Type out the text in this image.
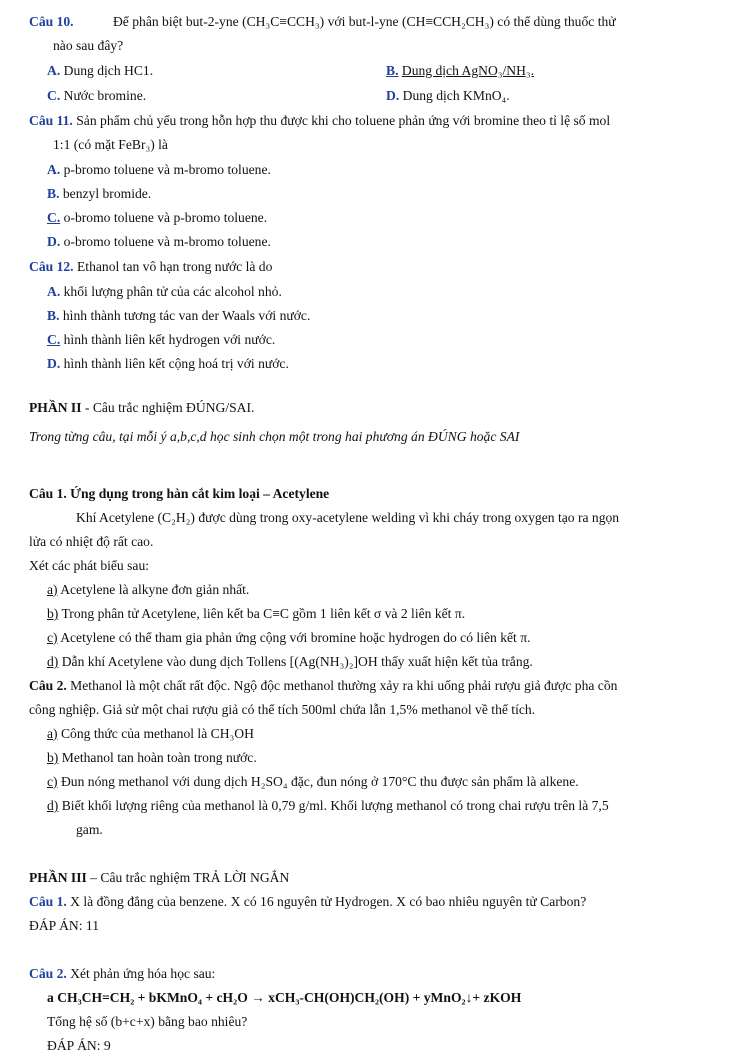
Câu 10.	Để phân biệt but-2-yne (CH₃C≡CCH₃) với but-l-yne (CH≡CCH₂CH₃) có thể dùng thuốc thử
nào sau đây?
A. Dung dịch HC1.	B. Dung dịch AgNO₃/NH₃.
C. Nước bromine.	D. Dung dịch KMnO₄.
Câu 11. Sản phẩm chủ yếu trong hỗn hợp thu được khi cho toluene phản ứng với bromine theo tỉ lệ số mol
1:1 (có mặt FeBr₃) là
A. p-bromo toluene và m-bromo toluene.
B. benzyl bromide.
C. o-bromo toluene và p-bromo toluene.
D. o-bromo toluene và m-bromo toluene.
Câu 12. Ethanol tan vô hạn trong nước là do
A. khối lượng phân tử của các alcohol nhỏ.
B. hình thành tương tác van der Waals với nước.
C. hình thành liên kết hydrogen với nước.
D. hình thành liên kết cộng hoá trị với nước.
PHẦN II - Câu trắc nghiệm ĐÚNG/SAI.
Trong từng câu, tại mỗi ý a,b,c,d học sinh chọn một trong hai phương án ĐÚNG hoặc SAI
Câu 1. Ứng dụng trong hàn cắt kim loại – Acetylene
Khí Acetylene (C₂H₂) được dùng trong oxy-acetylene welding vì khi cháy trong oxygen tạo ra ngọn
lửa có nhiệt độ rất cao.
Xét các phát biểu sau:
a) Acetylene là alkyne đơn giản nhất.
b) Trong phân tử Acetylene, liên kết ba C≡C gồm 1 liên kết σ và 2 liên kết π.
c) Acetylene có thể tham gia phản ứng cộng với bromine hoặc hydrogen do có liên kết π.
d) Dẫn khí Acetylene vào dung dịch Tollens [(Ag(NH₃)₂]OH thấy xuất hiện kết tủa trắng.
Câu 2. Methanol là một chất rất độc. Ngộ độc methanol thường xảy ra khi uống phải rượu giả được pha cồn
công nghiệp. Giả sử một chai rượu giả có thể tích 500ml chứa lẫn 1,5% methanol về thể tích.
a) Công thức của methanol là CH₃OH
b) Methanol tan hoàn toàn trong nước.
c) Đun nóng methanol với dung dịch H₂SO₄ đặc, đun nóng ở 170°C thu được sản phẩm là alkene.
d) Biết khối lượng riêng của methanol là 0,79 g/ml. Khối lượng methanol có trong chai rượu trên là 7,5
gam.
PHẦN III – Câu trắc nghiệm TRẢ LỜI NGẮN
Câu 1. X là đồng đẳng của benzene. X có 16 nguyên tử Hydrogen. X có bao nhiêu nguyên tử Carbon?
ĐÁP ÁN: 11
Câu 2. Xét phản ứng hóa học sau:
a CH₃CH=CH₂ + bKMnO₄ + cH₂O → xCH₃-CH(OH)CH₂(OH) + yMnO₂↓+ zKOH
Tổng hệ số (b+c+x) bằng bao nhiêu?
ĐÁP ÁN: 9
